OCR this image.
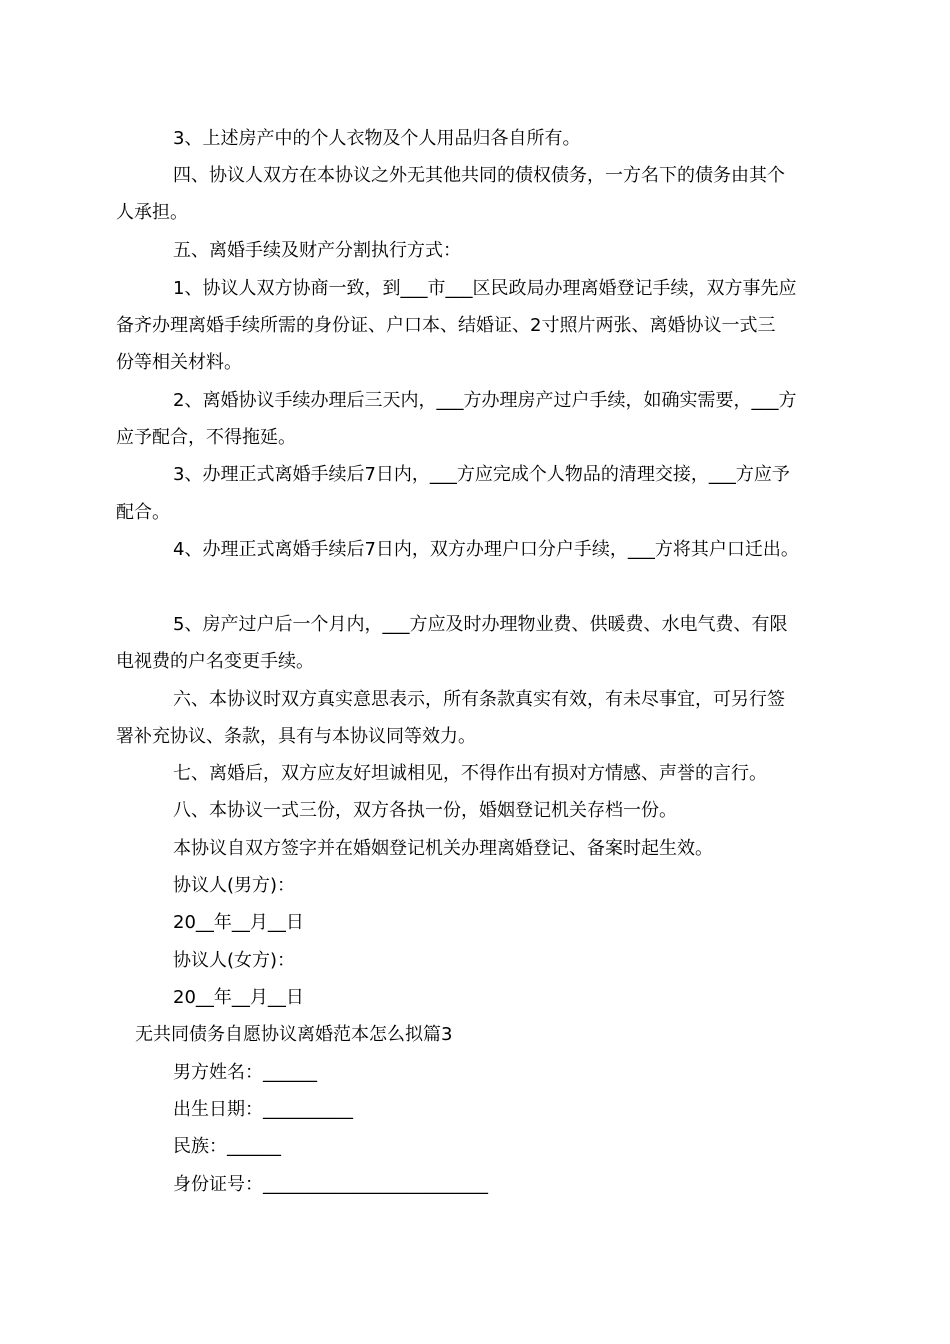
3、上述房产中的个人衣物及个人用品归各自所有。

四、协议人双方在本协议之外无其他共同的债权债务，一方名下的债务由其个

人承担。

五、离婚手续及财产分割执行方式：

1、协议人双方协商一致，到___市___区民政局办理离婚登记手续，双方事先应

备齐办理离婚手续所需的身份证、户口本、结婚证、2寸照片两张、离婚协议一式三

份等相关材料。

2、离婚协议手续办理后三天内，___方办理房产过户手续，如确实需要，___方

应予配合，不得拖延。

3、办理正式离婚手续后7日内，___方应完成个人物品的清理交接，___方应予

配合。

4、办理正式离婚手续后7日内，双方办理户口分户手续，___方将其户口迁出。

5、房产过户后一个月内，___方应及时办理物业费、供暖费、水电气费、有限

电视费的户名变更手续。

六、本协议时双方真实意思表示，所有条款真实有效，有未尽事宜，可另行签

署补充协议、条款，具有与本协议同等效力。

七、离婚后，双方应友好坦诚相见，不得作出有损对方情感、声誉的言行。

八、本协议一式三份，双方各执一份，婚姻登记机关存档一份。

本协议自双方签字并在婚姻登记机关办理离婚登记、备案时起生效。

协议人(男方)：

20__年__月__日

协议人(女方)：

20__年__月__日

无共同债务自愿协议离婚范本怎么拟篇3

男方姓名：______

出生日期：__________

民族：______

身份证号：_________________________
